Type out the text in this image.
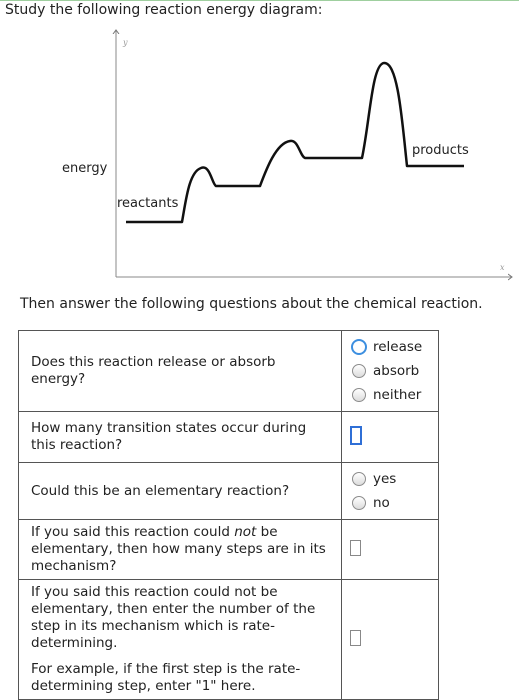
Study the following reaction energy diagram:
y
x
energy
reactants
products
Then answer the following questions about the chemical reaction.
Does this reaction release or absorb energy?	release
absorb
neither

How many transition states occur during this reaction?	
Could this be an elementary reaction?	yes
no

If you said this reaction could not be elementary, then how many steps are in its mechanism?	

If you said this reaction could not be elementary, then enter the number of the step in its mechanism which is rate-determining.

For example, if the first step is the rate-determining step, enter "1" here.	
